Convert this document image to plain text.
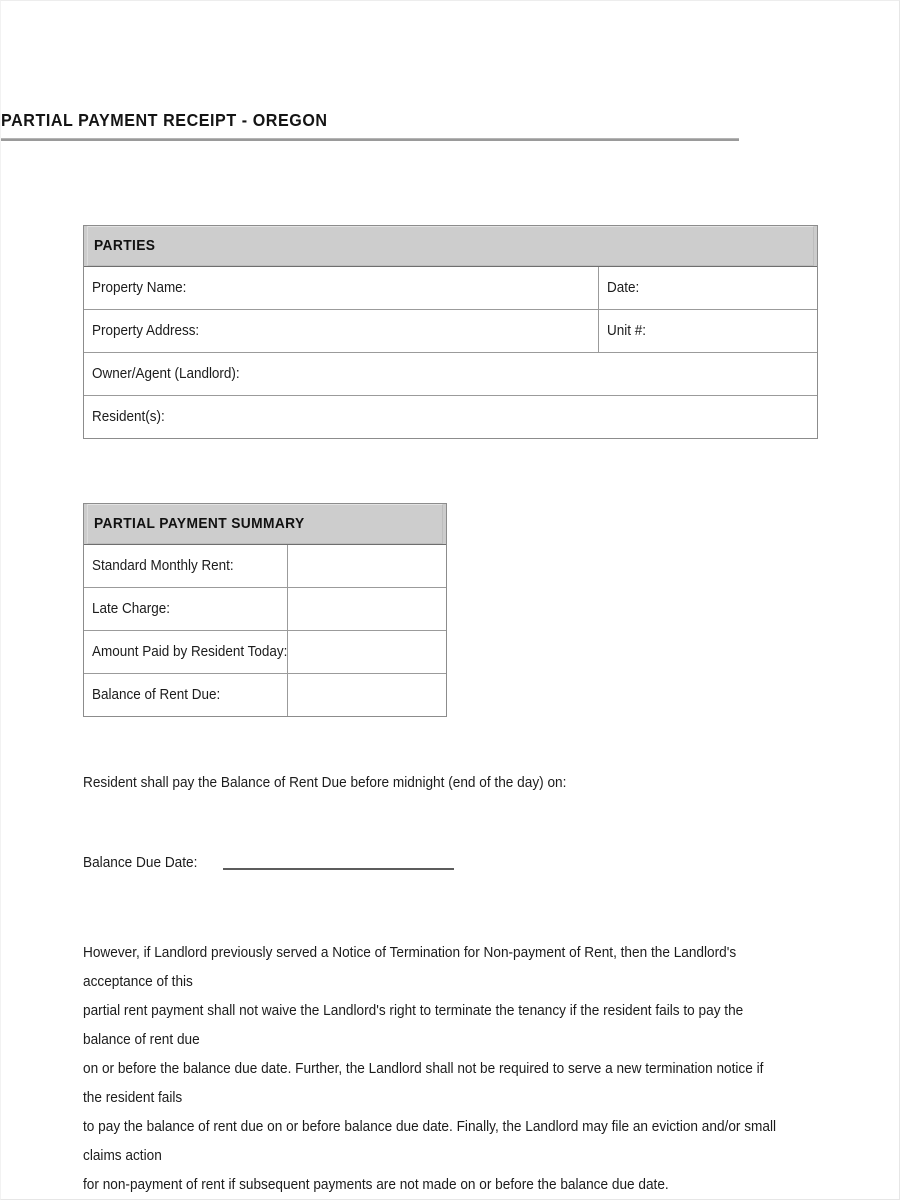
PARTIAL PAYMENT RECEIPT - OREGON
PARTIES	

Property Name:	Date:
Property Address:	Unit #:
Owner/Agent (Landlord):	
Resident(s):	
PARTIAL PAYMENT SUMMARY	

Standard Monthly Rent:	
Late Charge:	
Amount Paid by Resident Today:	
Balance of Rent Due:	
Resident shall pay the Balance of Rent Due before midnight (end of the day) on:
Balance Due Date:
However, if Landlord previously served a Notice of Termination for Non-payment of Rent, then the Landlord's acceptance of this
partial rent payment shall not waive the Landlord's right to terminate the tenancy if the resident fails to pay the balance of rent due
on or before the balance due date. Further, the Landlord shall not be required to serve a new termination notice if the resident fails
to pay the balance of rent due on or before balance due date. Finally, the Landlord may file an eviction and/or small claims action
for non-payment of rent if subsequent payments are not made on or before the balance due date.
